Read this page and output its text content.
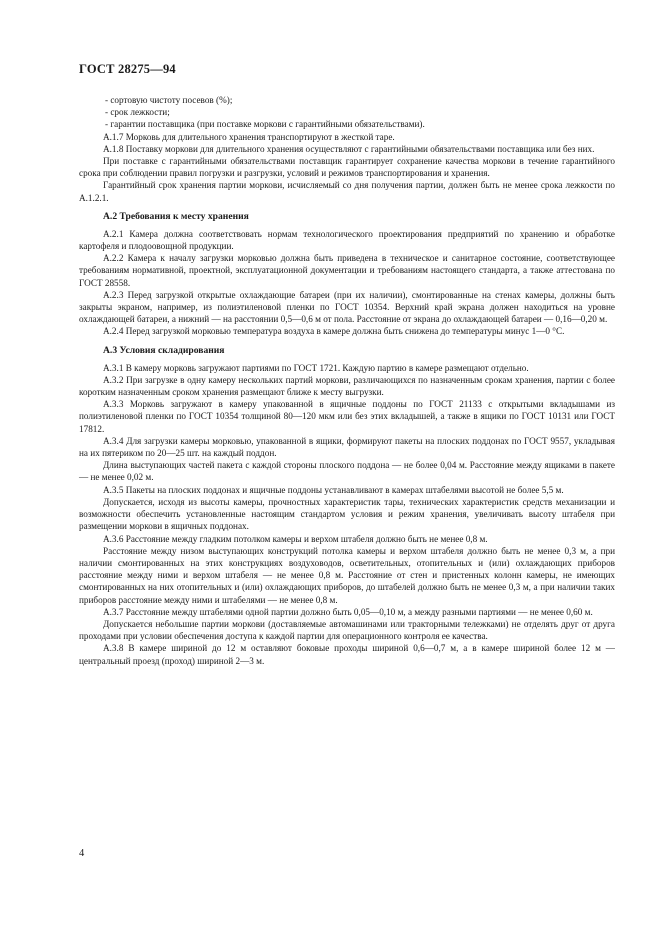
ГОСТ 28275—94

- сортовую чистоту посевов (%);

- срок лежкости;

- гарантии поставщика (при поставке моркови с гарантийными обязательствами).

А.1.7 Морковь для длительного хранения транспортируют в жесткой таре.

А.1.8 Поставку моркови для длительного хранения осуществляют с гарантийными обязательствами поставщика или без них.

При поставке с гарантийными обязательствами поставщик гарантирует сохранение качества моркови в течение гарантийного срока при соблюдении правил погрузки и разгрузки, условий и режимов транспортирования и хранения.

Гарантийный срок хранения партии моркови, исчисляемый со дня получения партии, должен быть не менее срока лежкости по А.1.2.1.

А.2 Требования к месту хранения

А.2.1 Камера должна соответствовать нормам технологического проектирования предприятий по хранению и обработке картофеля и плодоовощной продукции.

А.2.2 Камера к началу загрузки морковью должна быть приведена в техническое и санитарное состояние, соответствующее требованиям нормативной, проектной, эксплуатационной документации и требованиям настоящего стандарта, а также аттестована по ГОСТ 28558.

А.2.3 Перед загрузкой открытые охлаждающие батареи (при их наличии), смонтированные на стенах камеры, должны быть закрыты экраном, например, из полиэтиленовой пленки по ГОСТ 10354. Верхний край экрана должен находиться на уровне охлаждающей батареи, а нижний — на расстоянии 0,5—0,6 м от пола. Расстояние от экрана до охлаждающей батареи — 0,16—0,20 м.

А.2.4 Перед загрузкой морковью температура воздуха в камере должна быть снижена до температуры минус 1—0 °С.

А.3 Условия складирования

А.3.1 В камеру морковь загружают партиями по ГОСТ 1721. Каждую партию в камере размещают отдельно.

А.3.2 При загрузке в одну камеру нескольких партий моркови, различающихся по назначенным срокам хранения, партии с более коротким назначенным сроком хранения размещают ближе к месту выгрузки.

А.3.3 Морковь загружают в камеру упакованной в ящичные поддоны по ГОСТ 21133 с открытыми вкладышами из полиэтиленовой пленки по ГОСТ 10354 толщиной 80—120 мкм или без этих вкладышей, а также в ящики по ГОСТ 10131 или ГОСТ 17812.

А.3.4 Для загрузки камеры морковью, упакованной в ящики, формируют пакеты на плоских поддонах по ГОСТ 9557, укладывая на их пятериком по 20—25 шт. на каждый поддон.

Длина выступающих частей пакета с каждой стороны плоского поддона — не более 0,04 м. Расстояние между ящиками в пакете — не менее 0,02 м.

А.3.5 Пакеты на плоских поддонах и ящичные поддоны устанавливают в камерах штабелями высотой не более 5,5 м.

Допускается, исходя из высоты камеры, прочностных характеристик тары, технических характеристик средств механизации и возможности обеспечить установленные настоящим стандартом условия и режим хранения, увеличивать высоту штабеля при размещении моркови в ящичных поддонах.

А.3.6 Расстояние между гладким потолком камеры и верхом штабеля должно быть не менее 0,8 м.

Расстояние между низом выступающих конструкций потолка камеры и верхом штабеля должно быть не менее 0,3 м, а при наличии смонтированных на этих конструкциях воздуховодов, осветительных, отопительных и (или) охлаждающих приборов расстояние между ними и верхом штабеля — не менее 0,8 м. Расстояние от стен и пристенных колонн камеры, не имеющих смонтированных на них отопительных и (или) охлаждающих приборов, до штабелей должно быть не менее 0,3 м, а при наличии таких приборов расстояние между ними и штабелями — не менее 0,8 м.

А.3.7 Расстояние между штабелями одной партии должно быть 0,05—0,10 м, а между разными партиями — не менее 0,60 м.

Допускается небольшие партии моркови (доставляемые автомашинами или тракторными тележками) не отделять друг от друга проходами при условии обеспечения доступа к каждой партии для операционного контроля ее качества.

А.3.8 В камере шириной до 12 м оставляют боковые проходы шириной 0,6—0,7 м, а в камере шириной более 12 м — центральный проезд (проход) шириной 2—3 м.

4
